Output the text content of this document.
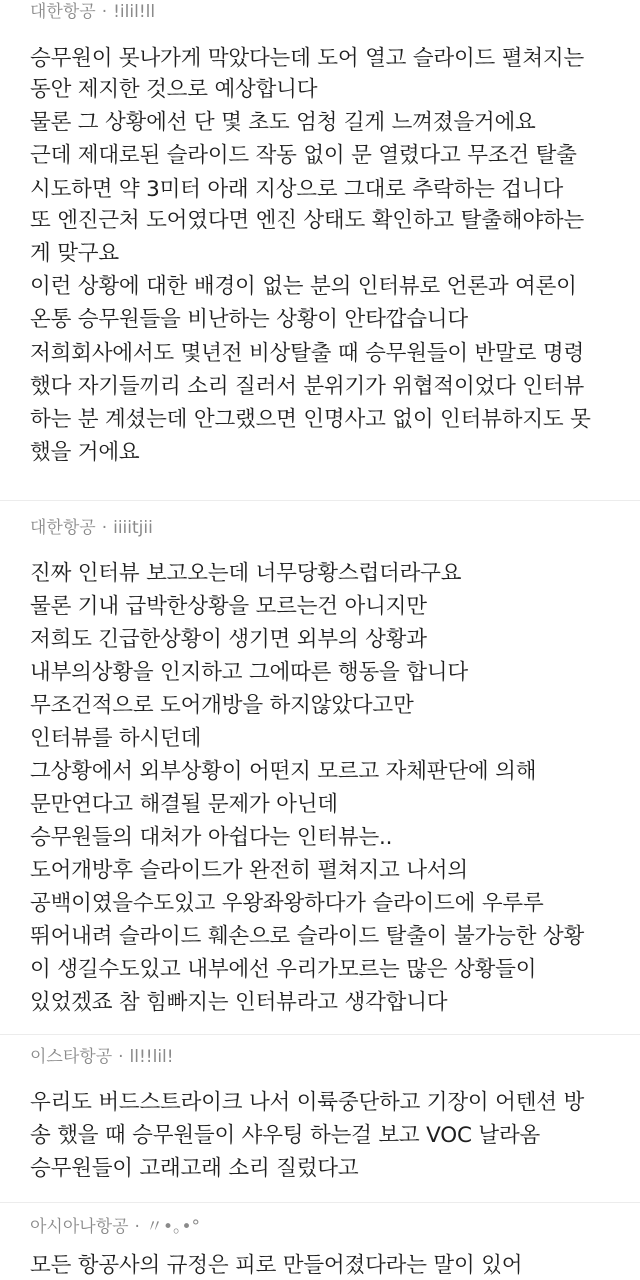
대한항공 · !ilil!ll
승무원이 못나가게 막았다는데 도어 열고 슬라이드 펼쳐지는
동안 제지한 것으로 예상합니다
물론 그 상황에선 단 몇 초도 엄청 길게 느껴졌을거에요
근데 제대로된 슬라이드 작동 없이 문 열렸다고 무조건 탈출
시도하면 약 3미터 아래 지상으로 그대로 추락하는 겁니다
또 엔진근처 도어였다면 엔진 상태도 확인하고 탈출해야하는
게 맞구요
이런 상황에 대한 배경이 없는 분의 인터뷰로 언론과 여론이
온통 승무원들을 비난하는 상황이 안타깝습니다
저희회사에서도 몇년전 비상탈출 때 승무원들이 반말로 명령
했다 자기들끼리 소리 질러서 분위기가 위협적이었다 인터뷰
하는 분 계셨는데 안그랬으면 인명사고 없이 인터뷰하지도 못
했을 거에요
대한항공 · iiiitjii
진짜 인터뷰 보고오는데 너무당황스럽더라구요
물론 기내 급박한상황을 모르는건 아니지만
저희도 긴급한상황이 생기면 외부의 상황과
내부의상황을 인지하고 그에따른 행동을 합니다
무조건적으로 도어개방을 하지않았다고만
인터뷰를 하시던데
그상황에서 외부상황이 어떤지 모르고 자체판단에 의해
문만연다고 해결될 문제가 아닌데
승무원들의 대처가 아쉽다는 인터뷰는..
도어개방후 슬라이드가 완전히 펼쳐지고 나서의
공백이였을수도있고 우왕좌왕하다가 슬라이드에 우루루
뛰어내려 슬라이드 훼손으로 슬라이드 탈출이 불가능한 상황
이 생길수도있고 내부에선 우리가모르는 많은 상황들이
있었겠죠 참 힘빠지는 인터뷰라고 생각합니다
이스타항공 · ll!!lil!
우리도 버드스트라이크 나서 이륙중단하고 기장이 어텐션 방
송 했을 때 승무원들이 샤우팅 하는걸 보고 VOC 날라옴
승무원들이 고래고래 소리 질렀다고
아시아나항공 · 〃•｡•°
모든 항공사의 규정은 피로 만들어졌다라는 말이 있어
